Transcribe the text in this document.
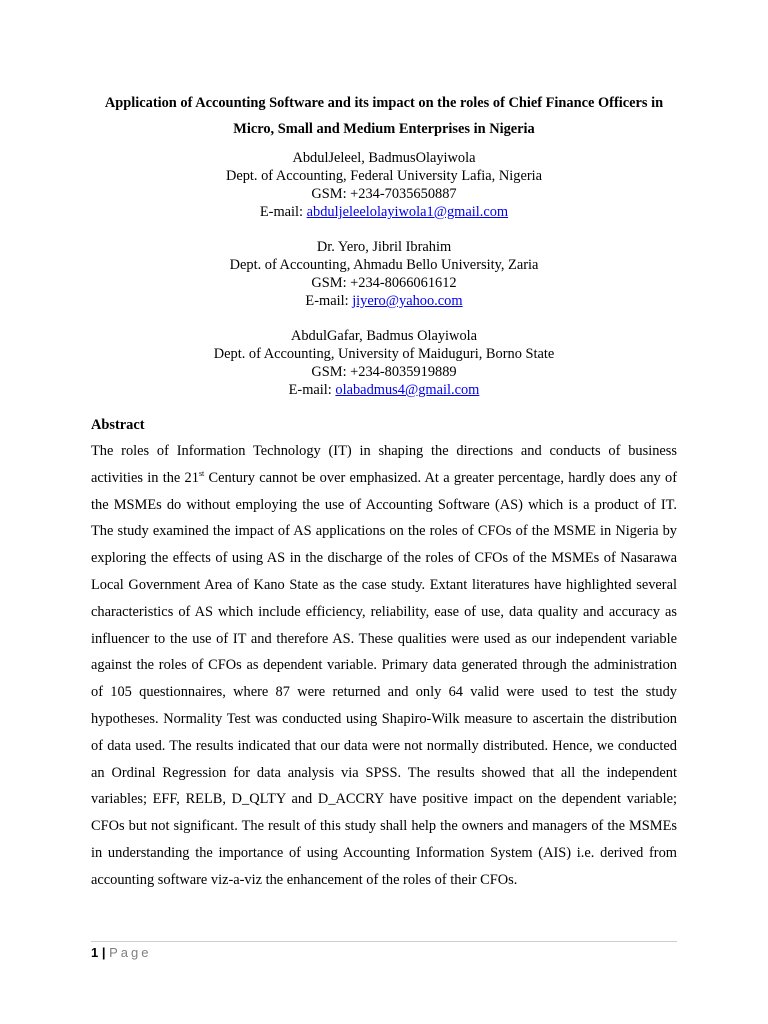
Application of Accounting Software and its impact on the roles of Chief Finance Officers in
Micro, Small and Medium Enterprises in Nigeria
AbdulJeleel, BadmusOlayiwola
Dept. of Accounting, Federal University Lafia, Nigeria
GSM: +234-7035650887
E-mail: abduljeleelolayiwola1@gmail.com
Dr. Yero, Jibril Ibrahim
Dept. of Accounting, Ahmadu Bello University, Zaria
GSM: +234-8066061612
E-mail: jiyero@yahoo.com
AbdulGafar, Badmus Olayiwola
Dept. of Accounting, University of Maiduguri, Borno State
GSM: +234-8035919889
E-mail: olabadmus4@gmail.com
Abstract

The roles of Information Technology (IT) in shaping the directions and conducts of business activities in the 21st Century cannot be over emphasized. At a greater percentage, hardly does any of the MSMEs do without employing the use of Accounting Software (AS) which is a product of IT. The study examined the impact of AS applications on the roles of CFOs of the MSME in Nigeria by exploring the effects of using AS in the discharge of the roles of CFOs of the MSMEs of Nasarawa Local Government Area of Kano State as the case study. Extant literatures have highlighted several characteristics of AS which include efficiency, reliability, ease of use, data quality and accuracy as influencer to the use of IT and therefore AS. These qualities were used as our independent variable against the roles of CFOs as dependent variable. Primary data generated through the administration of 105 questionnaires, where 87 were returned and only 64 valid were used to test the study hypotheses. Normality Test was conducted using Shapiro-Wilk measure to ascertain the distribution of data used. The results indicated that our data were not normally distributed. Hence, we conducted an Ordinal Regression for data analysis via SPSS. The results showed that all the independent variables; EFF, RELB, D_QLTY and D_ACCRY have positive impact on the dependent variable; CFOs but not significant. The result of this study shall help the owners and managers of the MSMEs in understanding the importance of using Accounting Information System (AIS) i.e. derived from accounting software viz-a-viz the enhancement of the roles of their CFOs.

1 | Page
